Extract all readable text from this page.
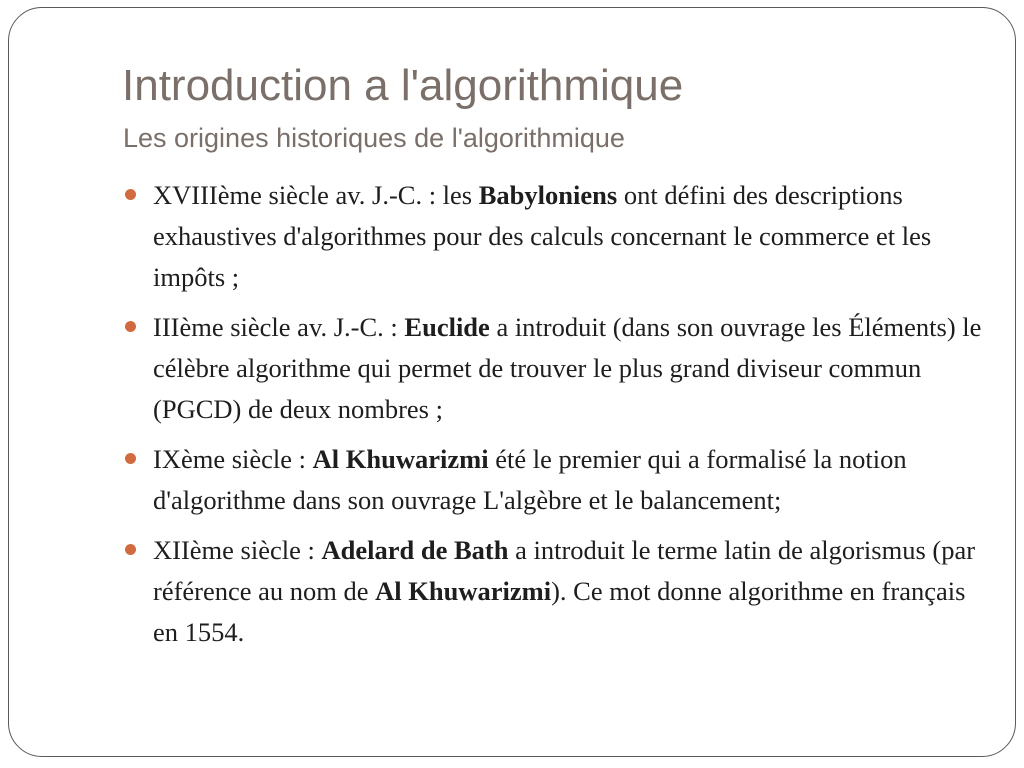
Introduction a l'algorithmique
Les origines historiques de l'algorithmique
XVIIIème siècle av. J.-C. : les Babyloniens ont défini des descriptions exhaustives d'algorithmes pour des calculs concernant le commerce et les impôts ;
IIIème siècle av. J.-C. : Euclide a introduit (dans son ouvrage les Éléments) le célèbre algorithme qui permet de trouver le plus grand diviseur commun (PGCD) de deux nombres ;
IXème siècle : Al Khuwarizmi été le premier qui a formalisé la notion d'algorithme dans son ouvrage L'algèbre et le balancement;
XIIème siècle : Adelard de Bath a introduit le terme latin de algorismus (par référence au nom de Al Khuwarizmi). Ce mot donne algorithme en français en 1554.
